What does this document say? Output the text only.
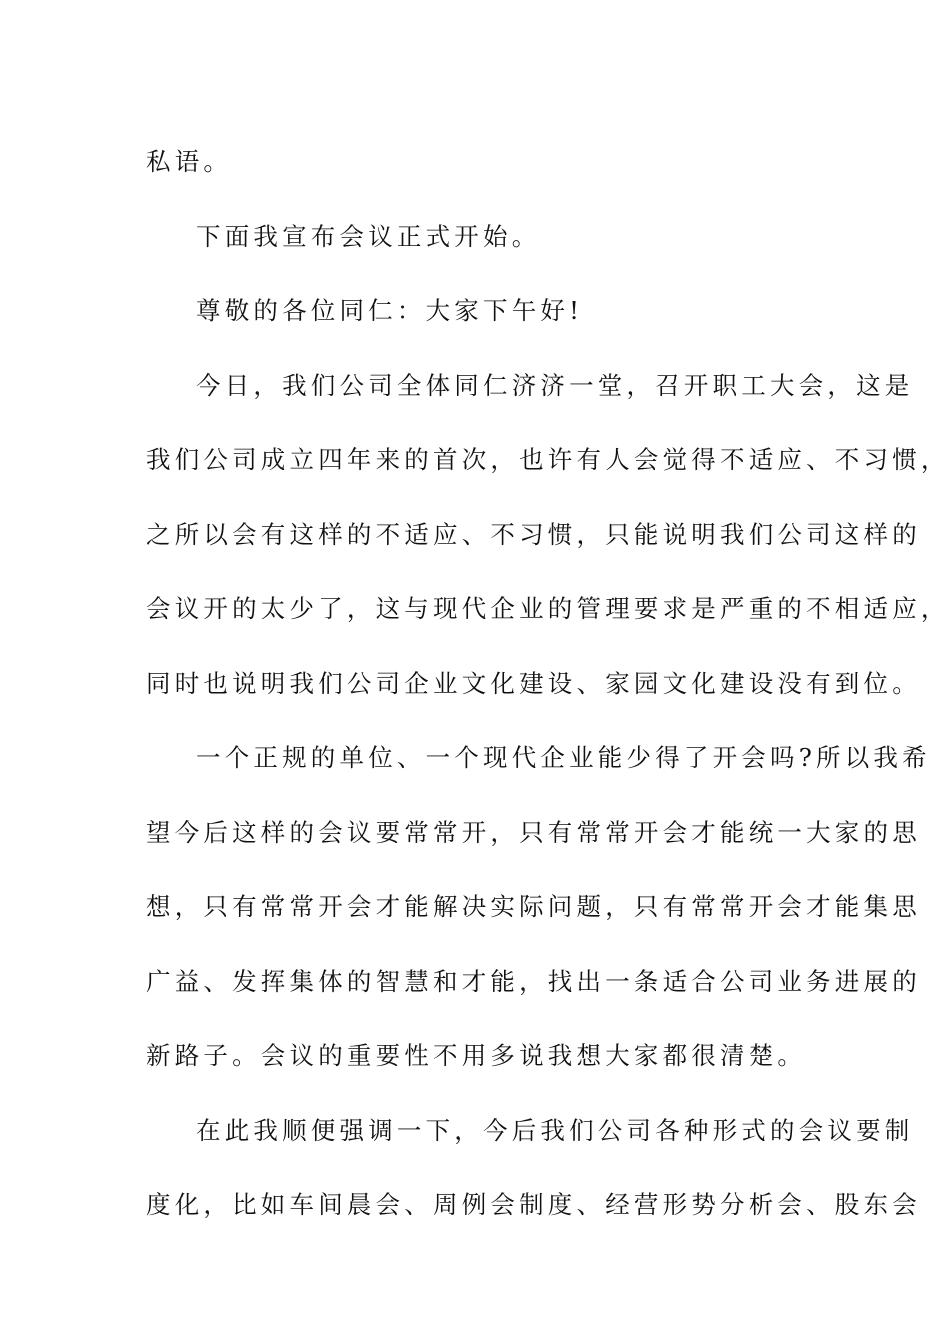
私语。
下面我宣布会议正式开始。
尊敬的各位同仁：大家下午好!
今日，我们公司全体同仁济济一堂，召开职工大会，这是
我们公司成立四年来的首次，也许有人会觉得不适应、不习惯，
之所以会有这样的不适应、不习惯，只能说明我们公司这样的
会议开的太少了，这与现代企业的管理要求是严重的不相适应，
同时也说明我们公司企业文化建设、家园文化建设没有到位。
一个正规的单位、一个现代企业能少得了开会吗?所以我希
望今后这样的会议要常常开，只有常常开会才能统一大家的思
想，只有常常开会才能解决实际问题，只有常常开会才能集思
广益、发挥集体的智慧和才能，找出一条适合公司业务进展的
新路子。会议的重要性不用多说我想大家都很清楚。
在此我顺便强调一下，今后我们公司各种形式的会议要制
度化，比如车间晨会、周例会制度、经营形势分析会、股东会
